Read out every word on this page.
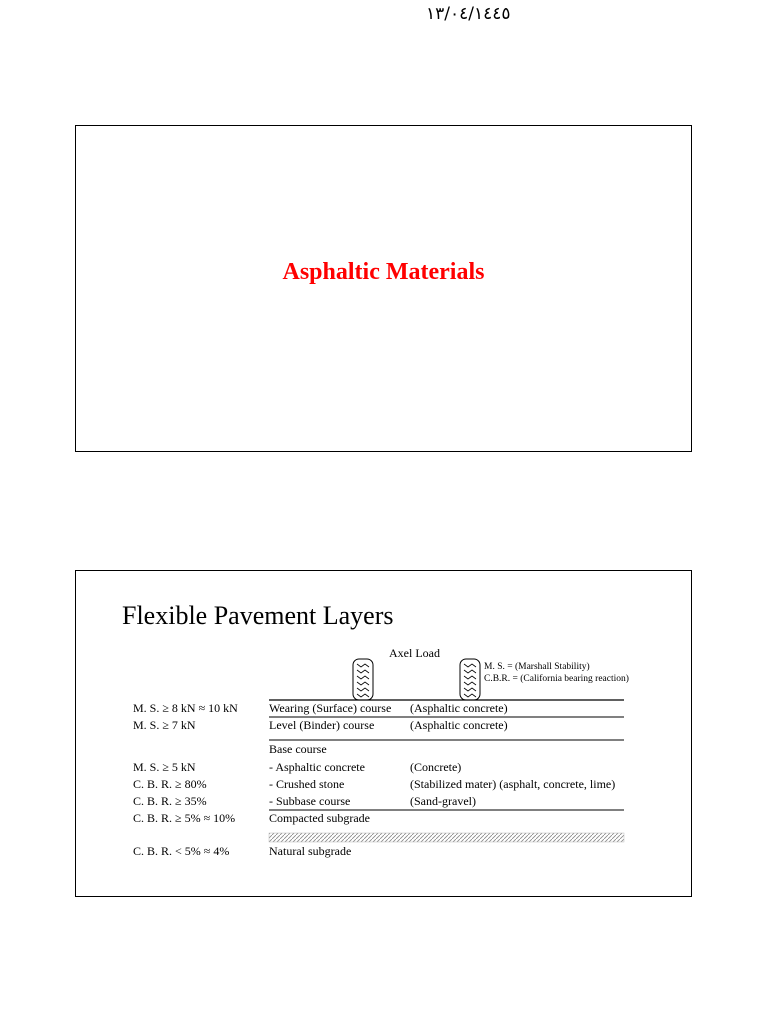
١٣/٠٤/١٤٤٥
Asphaltic Materials
Flexible Pavement Layers
Axel Load
M. S. = (Marshall Stability)
C.B.R. = (California bearing reaction)
M. S. ≥ 8 kN ≈ 10 kN	Wearing (Surface) course (Asphaltic concrete)
M. S. ≥ 7 kN	Level (Binder) course	(Asphaltic concrete)
Base course
M. S. ≥ 5 kN	- Asphaltic concrete	(Concrete)
C. B. R. ≥ 80%	- Crushed stone	(Stabilized mater) (asphalt, concrete, lime)
C. B. R. ≥ 35%	- Subbase course	(Sand-gravel)
C. B. R. ≥ 5% ≈ 10%	Compacted subgrade
C. B. R. < 5% ≈ 4%	Natural subgrade
